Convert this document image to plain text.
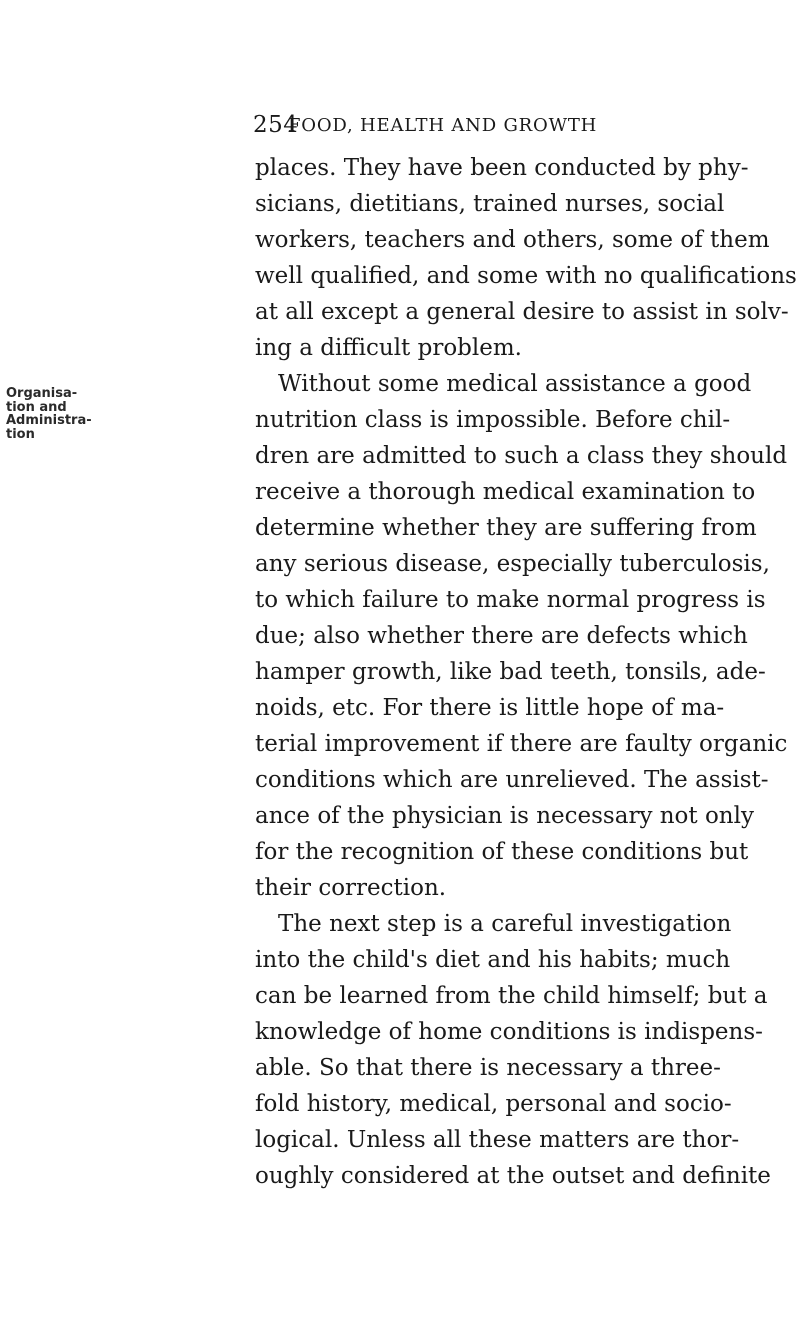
254
FOOD, HEALTH AND GROWTH
Organisa-
tion and
Administra-
tion
places. They have been conducted by phy-
sicians, dietitians, trained nurses, social
workers, teachers and others, some of them
well qualified, and some with no qualifications
at all except a general desire to assist in solv-
ing a difficult problem.
Without some medical assistance a good
nutrition class is impossible. Before chil-
dren are admitted to such a class they should
receive a thorough medical examination to
determine whether they are suffering from
any serious disease, especially tuberculosis,
to which failure to make normal progress is
due; also whether there are defects which
hamper growth, like bad teeth, tonsils, ade-
noids, etc. For there is little hope of ma-
terial improvement if there are faulty organic
conditions which are unrelieved. The assist-
ance of the physician is necessary not only
for the recognition of these conditions but
their correction.
The next step is a careful investigation
into the child's diet and his habits; much
can be learned from the child himself; but a
knowledge of home conditions is indispens-
able. So that there is necessary a three-
fold history, medical, personal and socio-
logical. Unless all these matters are thor-
oughly considered at the outset and definite
